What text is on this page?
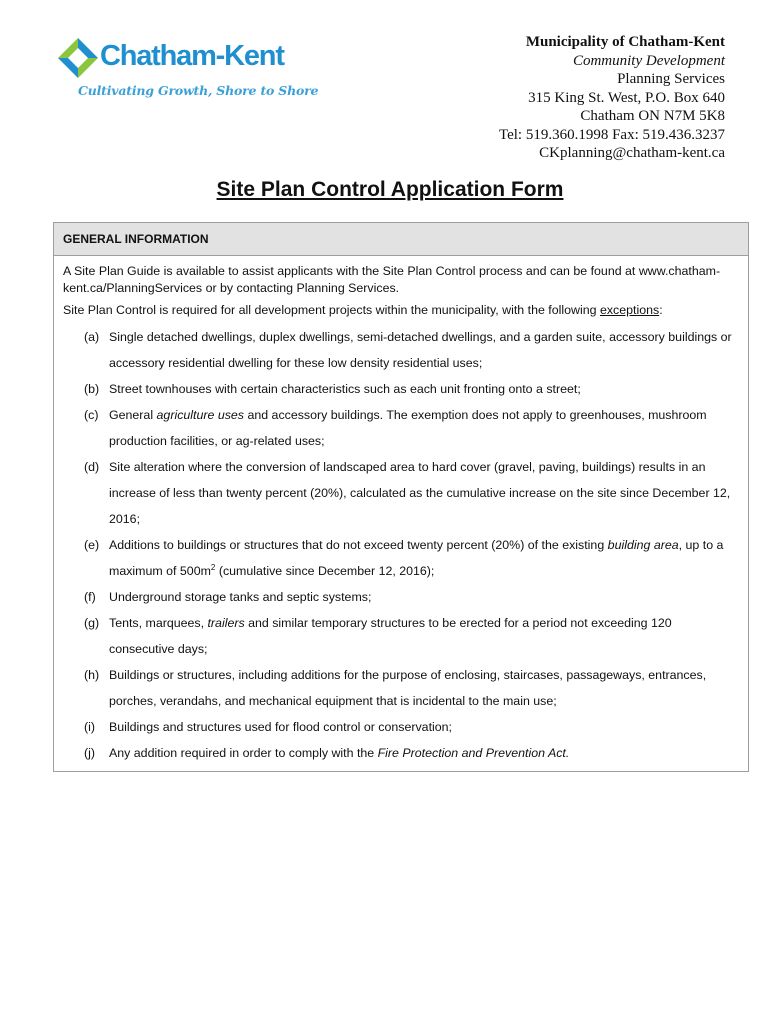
Chatham-Kent
Cultivating Growth, Shore to Shore
Municipality of Chatham-Kent
Community Development
Planning Services
315 King St. West, P.O. Box 640
Chatham ON N7M 5K8
Tel: 519.360.1998 Fax: 519.436.3237
CKplanning@chatham-kent.ca
Site Plan Control Application Form
GENERAL INFORMATION

A Site Plan Guide is available to assist applicants with the Site Plan Control process and can be found at www.chatham-kent.ca/PlanningServices or by contacting Planning Services.

Site Plan Control is required for all development projects within the municipality, with the following exceptions:

(a) Single detached dwellings, duplex dwellings, semi-detached dwellings, and a garden suite, accessory buildings or accessory residential dwelling for these low density residential uses;
(b) Street townhouses with certain characteristics such as each unit fronting onto a street;
(c) General agriculture uses and accessory buildings. The exemption does not apply to greenhouses, mushroom production facilities, or ag-related uses;
(d) Site alteration where the conversion of landscaped area to hard cover (gravel, paving, buildings) results in an increase of less than twenty percent (20%), calculated as the cumulative increase on the site since December 12, 2016;
(e) Additions to buildings or structures that do not exceed twenty percent (20%) of the existing building area, up to a maximum of $500m^2$ (cumulative since December 12, 2016);
(f) Underground storage tanks and septic systems;
(g) Tents, marquees, trailers and similar temporary structures to be erected for a period not exceeding 120 consecutive days;
(h) Buildings or structures, including additions for the purpose of enclosing, staircases, passageways, entrances, porches, verandahs, and mechanical equipment that is incidental to the main use;
(i) Buildings and structures used for flood control or conservation;
(j) Any addition required in order to comply with the Fire Protection and Prevention Act.
